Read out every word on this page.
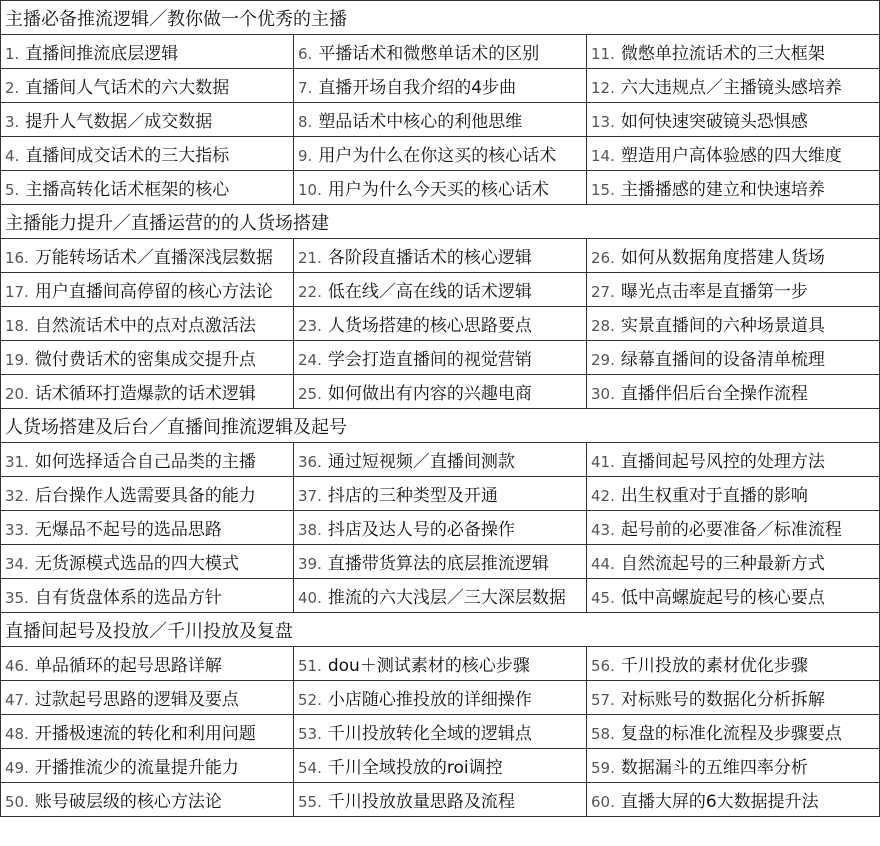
主播必备推流逻辑／教你做一个优秀的主播		
1. 直播间推流底层逻辑	6. 平播话术和微憋单话术的区别	11. 微憋单拉流话术的三大框架
2. 直播间人气话术的六大数据	7. 直播开场自我介绍的4步曲	12. 六大违规点／主播镜头感培养
3. 提升人气数据／成交数据	8. 塑品话术中核心的利他思维	13. 如何快速突破镜头恐惧感
4. 直播间成交话术的三大指标	9. 用户为什么在你这买的核心话术	14. 塑造用户高体验感的四大维度
5. 主播高转化话术框架的核心	10. 用户为什么今天买的核心话术	15. 主播播感的建立和快速培养
主播能力提升／直播运营的的人货场搭建		
16. 万能转场话术／直播深浅层数据	21. 各阶段直播话术的核心逻辑	26. 如何从数据角度搭建人货场
17. 用户直播间高停留的核心方法论	22. 低在线／高在线的话术逻辑	27. 曝光点击率是直播第一步
18. 自然流话术中的点对点激活法	23. 人货场搭建的核心思路要点	28. 实景直播间的六种场景道具
19. 微付费话术的密集成交提升点	24. 学会打造直播间的视觉营销	29. 绿幕直播间的设备清单梳理
20. 话术循环打造爆款的话术逻辑	25. 如何做出有内容的兴趣电商	30. 直播伴侣后台全操作流程
人货场搭建及后台／直播间推流逻辑及起号		
31. 如何选择适合自己品类的主播	36. 通过短视频／直播间测款	41. 直播间起号风控的处理方法
32. 后台操作人选需要具备的能力	37. 抖店的三种类型及开通	42. 出生权重对于直播的影响
33. 无爆品不起号的选品思路	38. 抖店及达人号的必备操作	43. 起号前的必要准备／标准流程
34. 无货源模式选品的四大模式	39. 直播带货算法的底层推流逻辑	44. 自然流起号的三种最新方式
35. 自有货盘体系的选品方针	40. 推流的六大浅层／三大深层数据	45. 低中高螺旋起号的核心要点
直播间起号及投放／千川投放及复盘		
46. 单品循环的起号思路详解	51. dou＋测试素材的核心步骤	56. 千川投放的素材优化步骤
47. 过款起号思路的逻辑及要点	52. 小店随心推投放的详细操作	57. 对标账号的数据化分析拆解
48. 开播极速流的转化和利用问题	53. 千川投放转化全域的逻辑点	58. 复盘的标准化流程及步骤要点
49. 开播推流少的流量提升能力	54. 千川全域投放的roi调控	59. 数据漏斗的五维四率分析
50. 账号破层级的核心方法论	55. 千川投放放量思路及流程	60. 直播大屏的6大数据提升法
